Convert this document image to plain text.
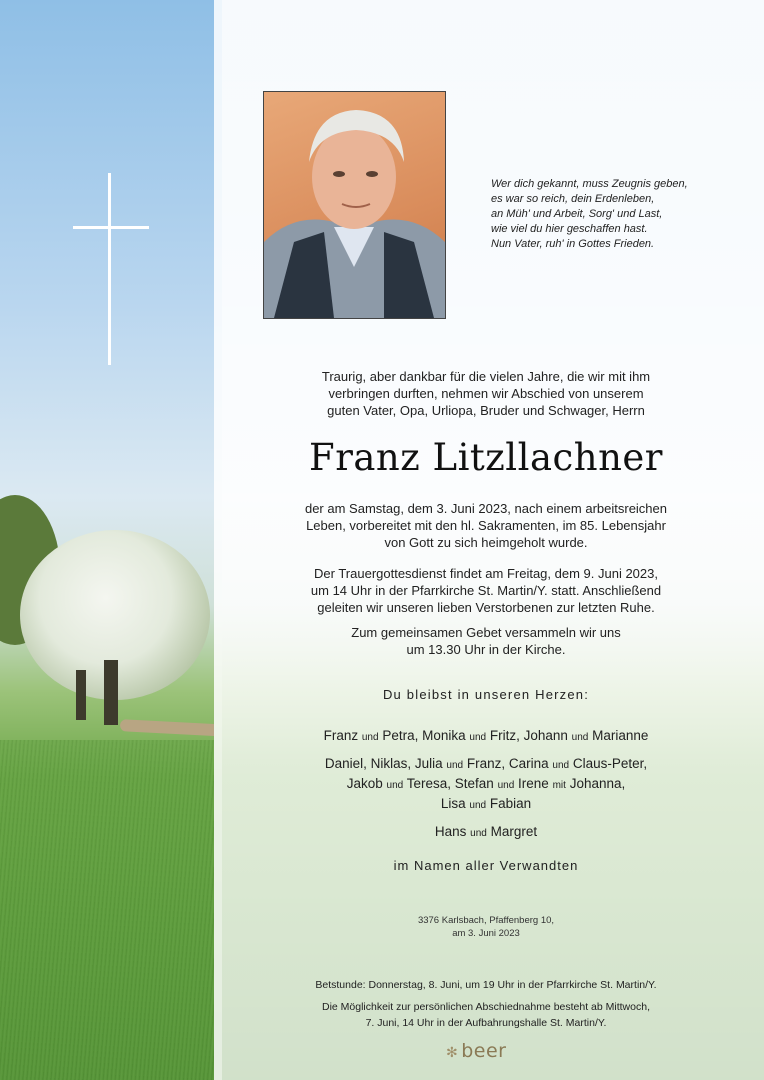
Wer dich gekannt, muss Zeugnis geben,
es war so reich, dein Erdenleben,
an Müh' und Arbeit, Sorg' und Last,
wie viel du hier geschaffen hast.
Nun Vater, ruh' in Gottes Frieden.
Traurig, aber dankbar für die vielen Jahre, die wir mit ihm
verbringen durften, nehmen wir Abschied von unserem
guten Vater, Opa, Urliopa, Bruder und Schwager, Herrn
Franz Litzllachner
der am Samstag, dem 3. Juni 2023, nach einem arbeitsreichen
Leben, vorbereitet mit den hl. Sakramenten, im 85. Lebensjahr
von Gott zu sich heimgeholt wurde.
Der Trauergottesdienst findet am Freitag, dem 9. Juni 2023,
um 14 Uhr in der Pfarrkirche St. Martin/Y. statt. Anschließend
geleiten wir unseren lieben Verstorbenen zur letzten Ruhe.
Zum gemeinsamen Gebet versammeln wir uns
um 13.30 Uhr in der Kirche.
Du bleibst in unseren Herzen:
Franz und Petra, Monika und Fritz, Johann und Marianne
Daniel, Niklas, Julia und Franz, Carina und Claus-Peter,
Jakob und Teresa, Stefan und Irene mit Johanna,
Lisa und Fabian
Hans und Margret
im Namen aller Verwandten
3376 Karlsbach, Pfaffenberg 10,
am 3. Juni 2023
Betstunde: Donnerstag, 8. Juni, um 19 Uhr in der Pfarrkirche St. Martin/Y.
Die Möglichkeit zur persönlichen Abschiednahme besteht ab Mittwoch,
7. Juni, 14 Uhr in der Aufbahrungshalle St. Martin/Y.
✻ beer
